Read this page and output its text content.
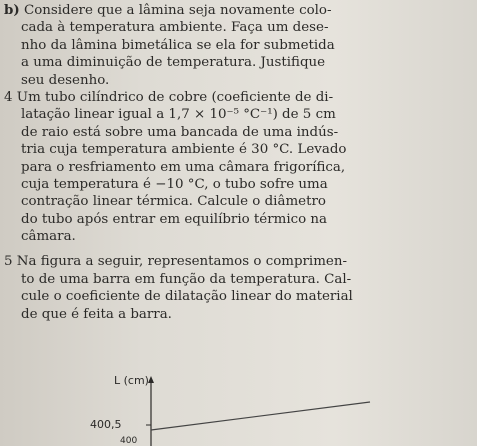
b) Considere que a lâmina seja novamente colo-
cada à temperatura ambiente. Faça um dese-
nho da lâmina bimetálica se ela for submetida
a uma diminuição de temperatura. Justifique
seu desenho.
4 Um tubo cilíndrico de cobre (coeficiente de di-
latação linear igual a 1,7 × 10⁻⁵ °C⁻¹) de 5 cm
de raio está sobre uma bancada de uma indús-
tria cuja temperatura ambiente é 30 °C. Levado
para o resfriamento em uma câmara frigorífica,
cuja temperatura é −10 °C, o tubo sofre uma
contração linear térmica. Calcule o diâmetro
do tubo após entrar em equilíbrio térmico na
câmara.
5 Na figura a seguir, representamos o comprimen-
to de uma barra em função da temperatura. Cal-
cule o coeficiente de dilatação linear do material
de que é feita a barra.
L (cm)
400,5
400
